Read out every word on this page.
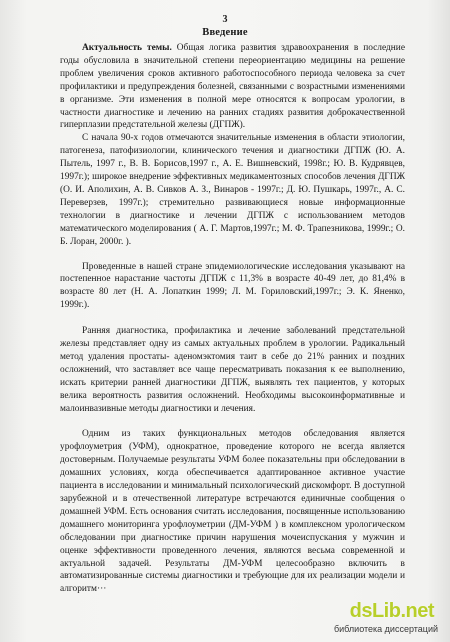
3
Введение

Актуальность темы. Общая логика развития здравоохранения в последние годы обусловила в значительной степени переориентацию медицины на решение проблем увеличения сроков активного работоспособного периода человека за счет профилактики и предупреждения болезней, связанными с возрастными изменениями в организме. Эти изменения в полной мере относятся к вопросам урологии, в частности диагностике и лечению на ранних стадиях развития доброкачественной гиперплазии предстательной железы (ДГПЖ).

С начала 90-х годов отмечаются значительные изменения в области этиологии, патогенеза, патофизиологии, клинического течения и диагностики ДГПЖ (Ю. А. Пытель, 1997 г., В. В. Борисов,1997 г., А. Е. Вишневский, 1998г.; Ю. В. Кудрявцев, 1997г.); широкое внедрение эффективных медикаментозных способов лечения ДГПЖ (О. И. Аполихин, А. В. Сивков А. З., Винаров - 1997г.; Д. Ю. Пушкарь, 1997г., А. С. Переверзев, 1997г.); стремительно развивающиеся новые информационные технологии в диагностике и лечении ДГПЖ с использованием методов математического моделирования ( А. Г. Мартов,1997г.; М. Ф. Трапезникова, 1999г.; О. Б. Лоран, 2000г. ).

Проведенные в нашей стране эпидемиологические исследования указывают на постепенное нарастание частоты ДГПЖ с 11,3% в возрасте 40-49 лет, до 81,4% в возрасте 80 лет (Н. А. Лопаткин 1999; Л. М. Гориловский,1997г.; Э. К. Яненко, 1999г.).

Ранняя диагностика, профилактика и лечение заболеваний предстательной железы представляет одну из самых актуальных проблем в урологии. Радикальный метод удаления простаты- аденомэктомия таит в себе до 21% ранних и поздних осложнений, что заставляет все чаще пересматривать показания к ее выполнению, искать критерии ранней диагностики ДГПЖ, выявлять тех пациентов, у которых велика вероятность развития осложнений. Необходимы высокоинформативные и малоинвазивные методы диагностики и лечения.

Одним из таких функциональных методов обследования является урофлоуметрия (УФМ), однократное, проведение которого не всегда является достоверным. Получаемые результаты УФМ более показательны при обследовании в домашних условиях, когда обеспечивается адаптированное активное участие пациента в исследовании и минимальный психологический дискомфорт. В доступной зарубежной и в отечественной литературе встречаются единичные сообщения о домашней УФМ. Есть основания считать исследования, посвященные использованию домашнего мониторинга урофлоуметрии (ДМ-УФМ ) в комплексном урологическом обследовании при диагностике причин нарушения мочеиспускания у мужчин и оценке эффективности проведенного лечения, являются весьма современной и актуальной задачей. Результаты ДМ-УФМ целесообразно включить в автоматизированные системы диагностики и требующие для их реализации модели и алгоритм···

dsLib.net
библиотека диссертаций
